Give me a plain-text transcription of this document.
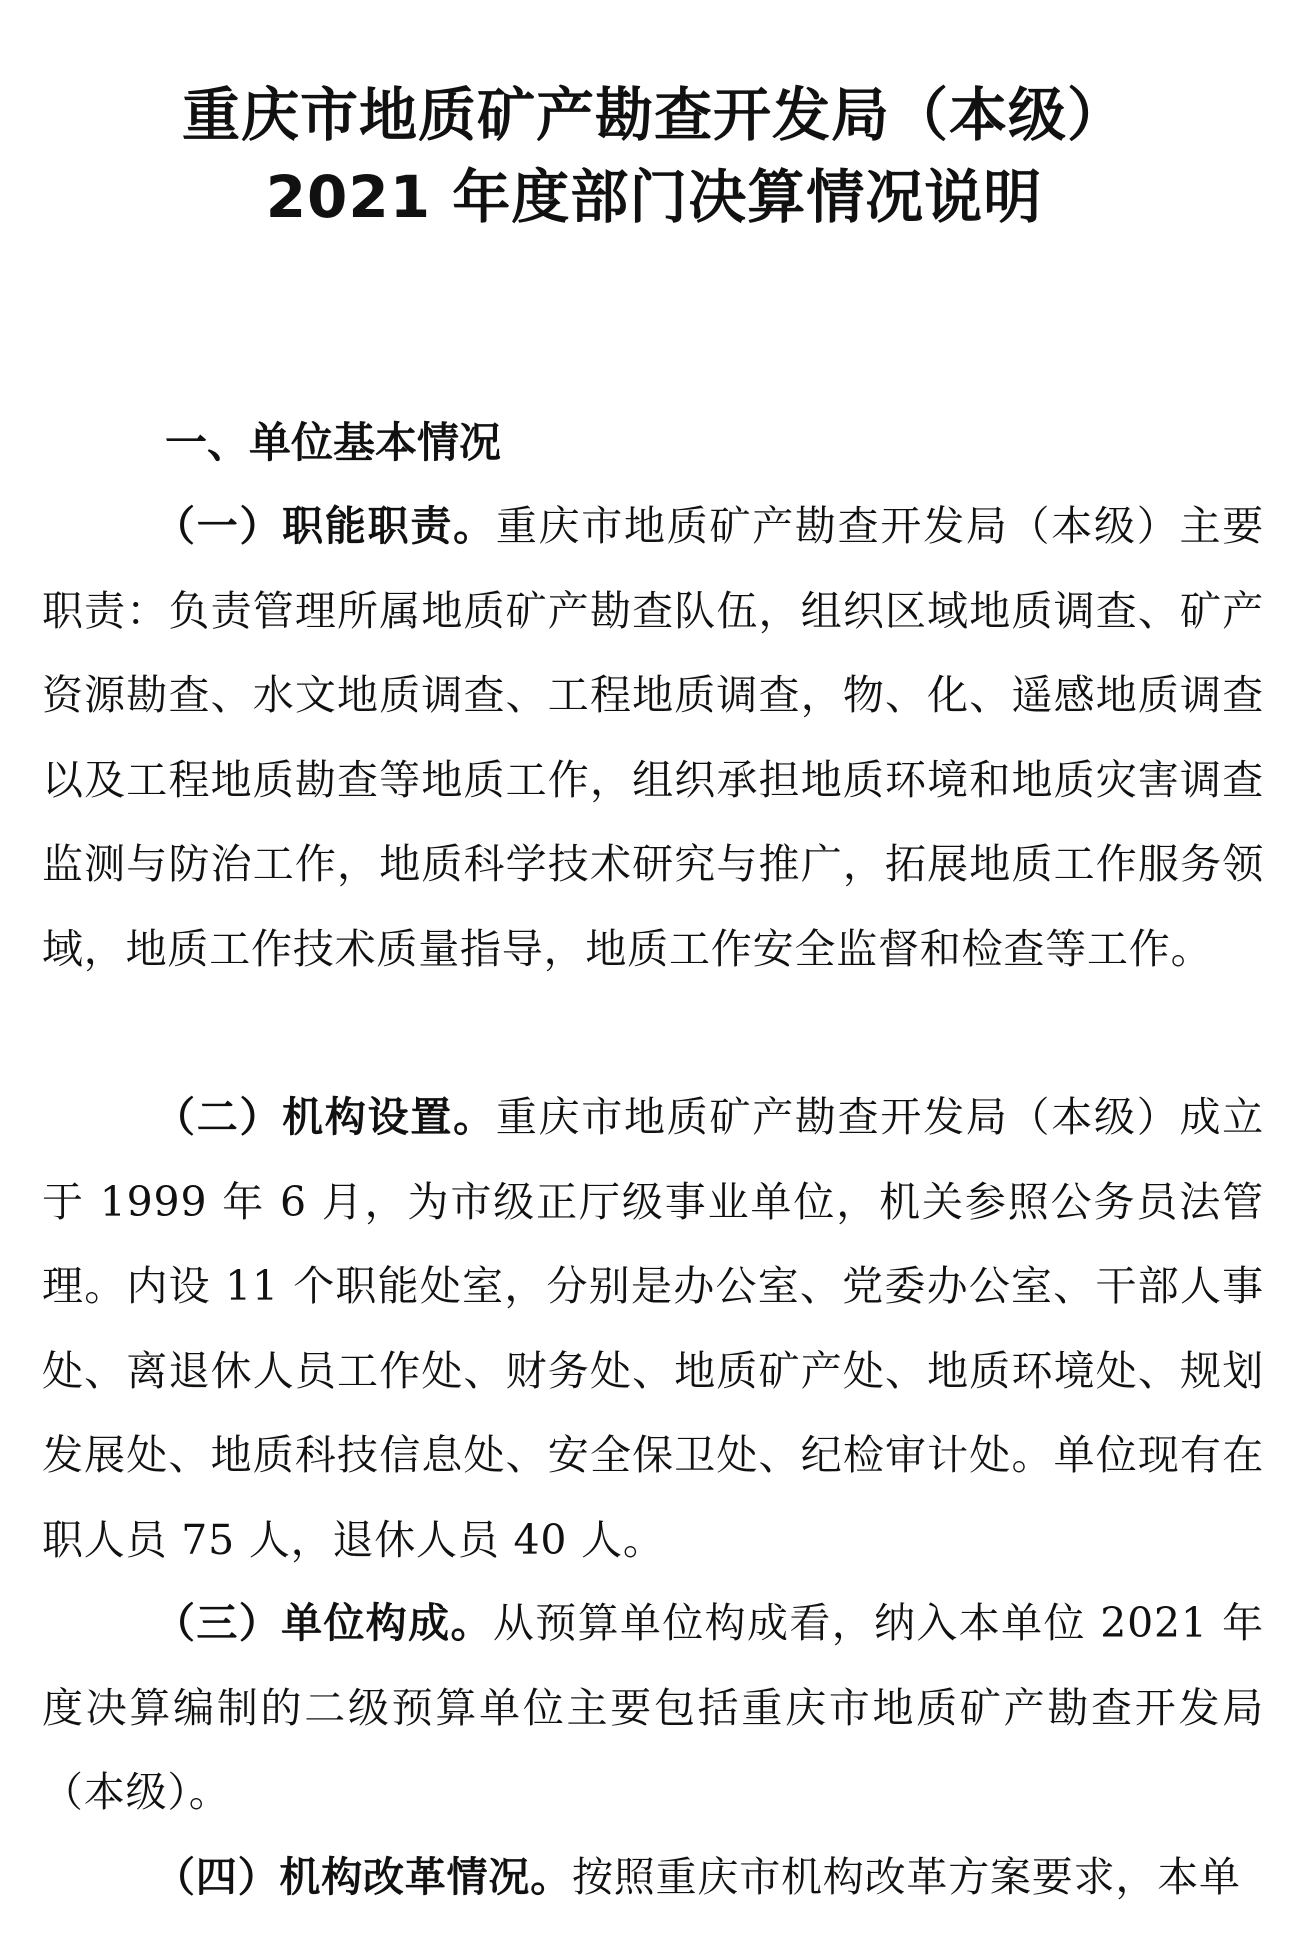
重庆市地质矿产勘查开发局（本级）
2021 年度部门决算情况说明
一、单位基本情况
（一）职能职责。重庆市地质矿产勘查开发局（本级）主要职责：负责管理所属地质矿产勘查队伍，组织区域地质调查、矿产资源勘查、水文地质调查、工程地质调查，物、化、遥感地质调查以及工程地质勘查等地质工作，组织承担地质环境和地质灾害调查监测与防治工作，地质科学技术研究与推广，拓展地质工作服务领域，地质工作技术质量指导，地质工作安全监督和检查等工作。
（二）机构设置。重庆市地质矿产勘查开发局（本级）成立于 1999 年 6 月，为市级正厅级事业单位，机关参照公务员法管理。内设 11 个职能处室，分别是办公室、党委办公室、干部人事处、离退休人员工作处、财务处、地质矿产处、地质环境处、规划发展处、地质科技信息处、安全保卫处、纪检审计处。单位现有在职人员 75 人，退休人员 40 人。
（三）单位构成。从预算单位构成看，纳入本单位 2021 年度决算编制的二级预算单位主要包括重庆市地质矿产勘查开发局（本级）。
（四）机构改革情况。按照重庆市机构改革方案要求，本单
